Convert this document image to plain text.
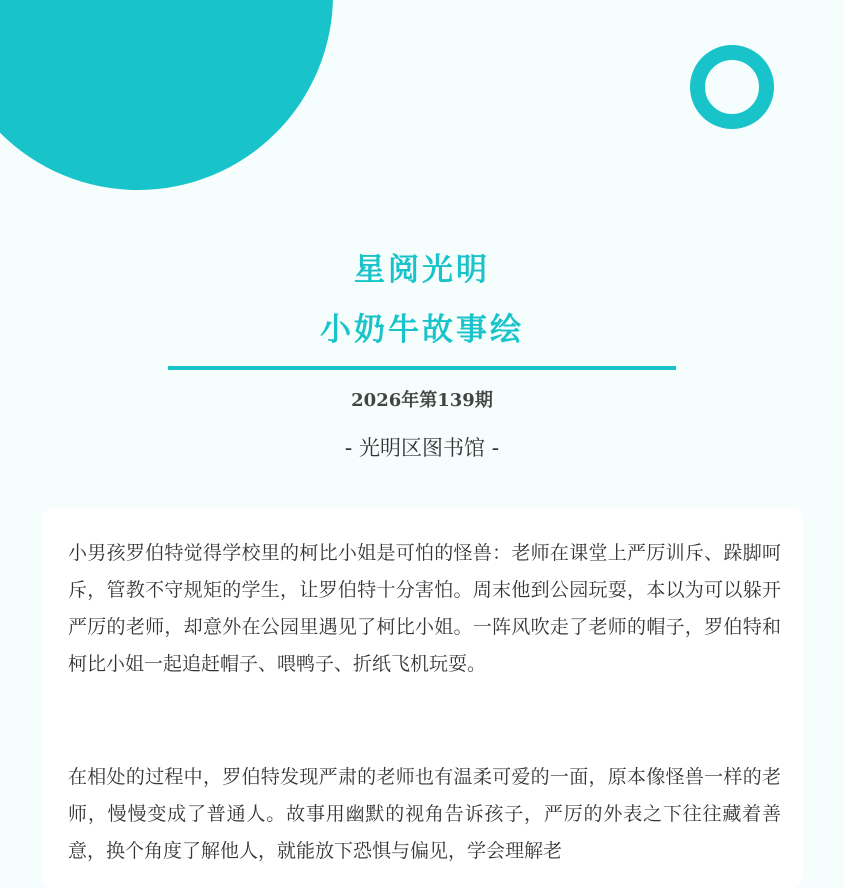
星阅光明
小奶牛故事绘
2026年第139期
- 光明区图书馆 -

小男孩罗伯特觉得学校里的柯比小姐是可怕的怪兽：老师在课堂上严厉训斥、跺脚呵斥，管教不守规矩的学生，让罗伯特十分害怕。周末他到公园玩耍，本以为可以躲开严厉的老师，却意外在公园里遇见了柯比小姐。一阵风吹走了老师的帽子，罗伯特和柯比小姐一起追赶帽子、喂鸭子、折纸飞机玩耍。

在相处的过程中，罗伯特发现严肃的老师也有温柔可爱的一面，原本像怪兽一样的老师，慢慢变成了普通人。故事用幽默的视角告诉孩子，严厉的外表之下往往藏着善意，换个角度了解他人，就能放下恐惧与偏见，学会理解老
